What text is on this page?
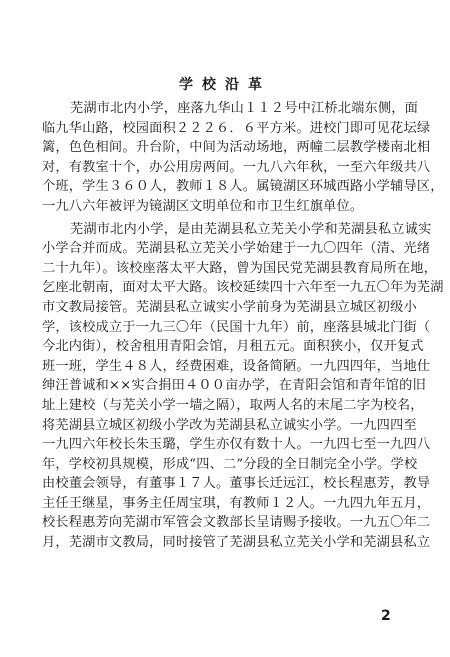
学校沿革
芜湖市北内小学，座落九华山１１２号中江桥北端东侧，面
临九华山路，校园面积２２２６．６平方米。进校门即可见花坛绿
篱，色色相间。升台阶，中间为活动场地，两幢二层教学楼南北相
对，有教室十个，办公用房两间。一九八六年秋，一至六年级共八
个班，学生３６０人，教师１８人。属镜湖区环城西路小学辅导区，
一九八六年被评为镜湖区文明单位和市卫生红旗单位。
芜湖市北内小学，是由芜湖县私立芜关小学和芜湖县私立诚实
小学合并而成。芜湖县私立芜关小学始建于一九〇四年（清、光绪
二十九年）。该校座落太平大路，曾为国民党芜湖县教育局所在地，
乞座北朝南，面对太平大路。该校延续四十六年至一九五〇年为芜湖
市文教局接管。芜湖县私立诚实小学前身为芜湖县立城区初级小
学，该校成立于一九三〇年（民国十九年）前，座落县城北门街（
今北内街），校舍租用青阳会馆，月租五元。面积狭小，仅开复式
班一班，学生４８人，经费困难，设备简陋。一九四四年，当地仕
绅汪普诚和××实合捐田４００亩办学，在青阳会馆和青年馆的旧
址上建校（与芜关小学一墙之隔），取两人名的末尾二字为校名，
将芜湖县立城区初级小学改为芜湖县私立诚实小学。一九四四至
一九四六年校长朱玉璐，学生亦仅有数十人。一九四七至一九四八
年，学校初具规模，形成“四、二”分段的全日制完全小学。学校
由校董会领导，有董事１７人。董事长迁远江，校长程惠芳，教导
主任王继星，事务主任周宝琪，有教师１２人。一九四九年五月，
校长程惠芳向芜湖市军管会文教部长呈请赐予接收。一九五〇年二
月，芜湖市文教局，同时接管了芜湖县私立芜关小学和芜湖县私立
2
